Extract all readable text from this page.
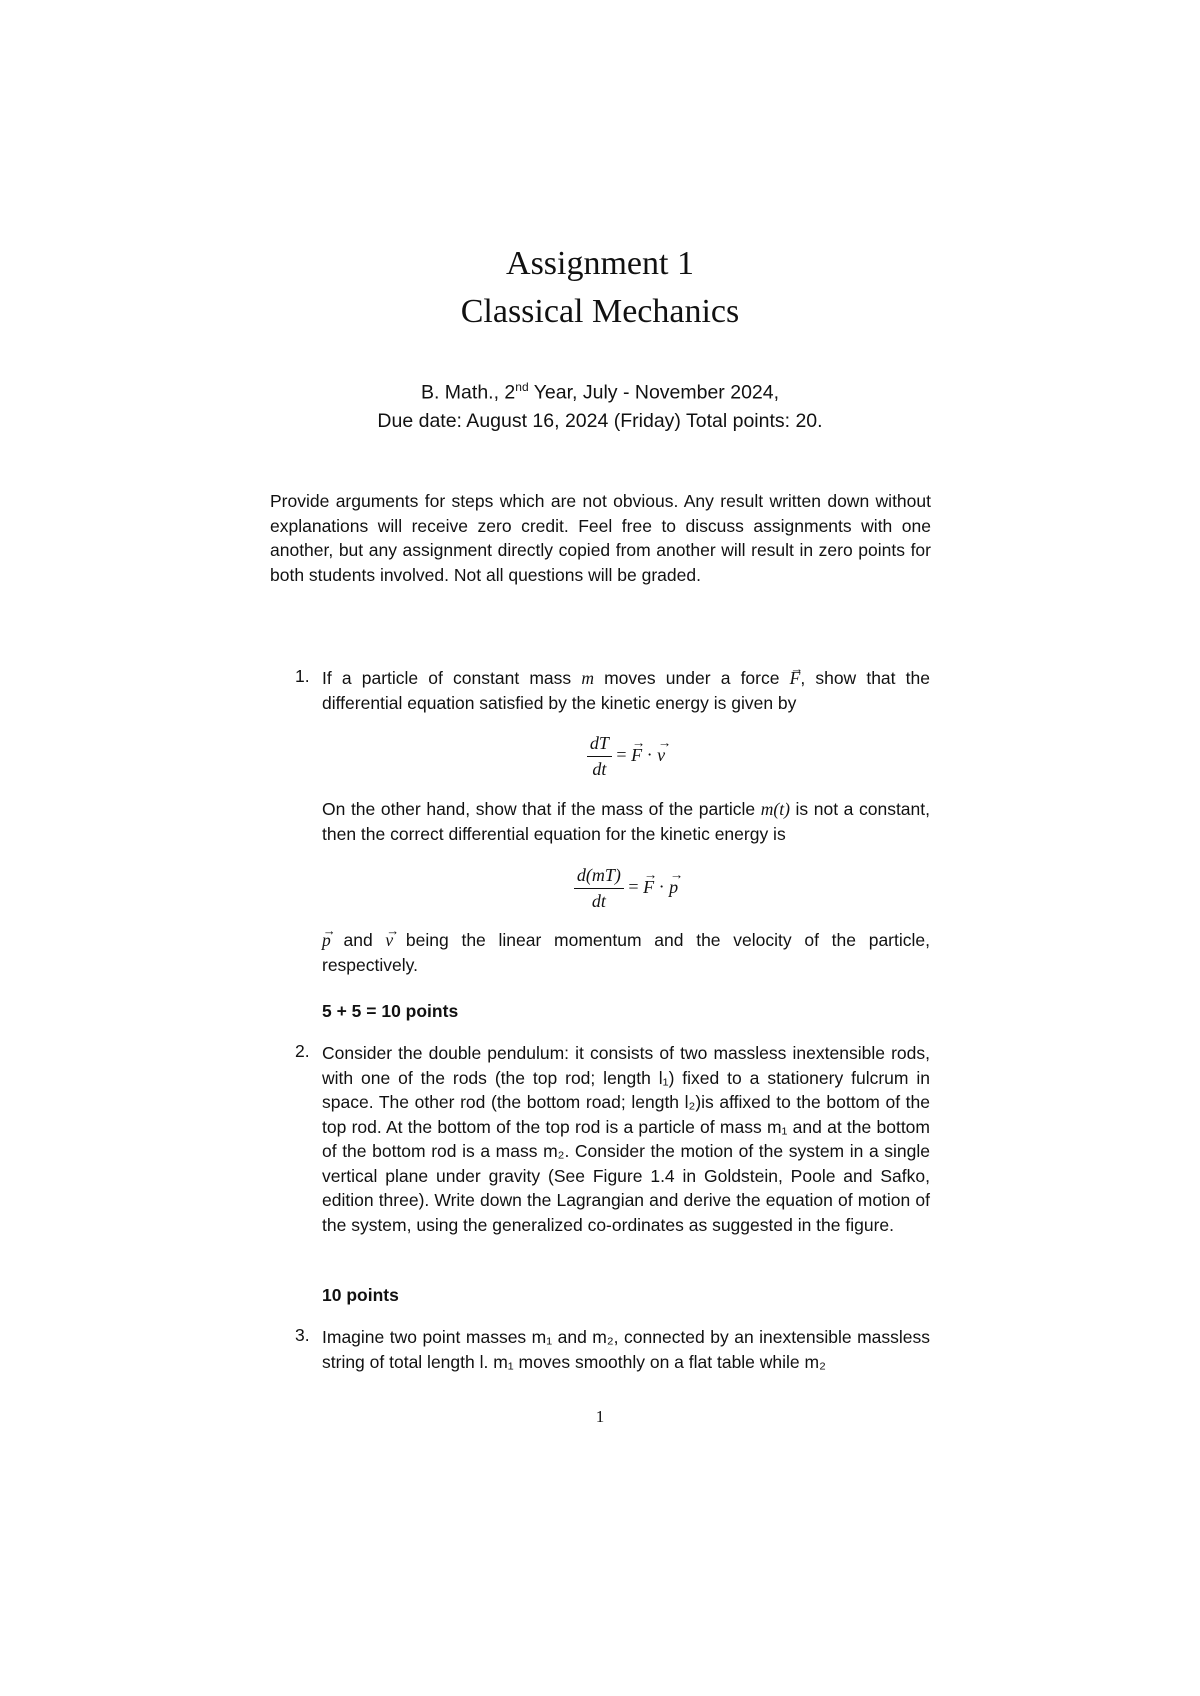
Assignment 1
Classical Mechanics
B. Math., 2nd Year, July - November 2024,
Due date: August 16, 2024 (Friday) Total points: 20.
Provide arguments for steps which are not obvious. Any result written down without explanations will receive zero credit. Feel free to discuss assignments with one another, but any assignment directly copied from another will result in zero points for both students involved. Not all questions will be graded.
1. If a particle of constant mass m moves under a force → F, show that the differential equation satisfied by the kinetic energy is given by
$\frac{dT}{dt}$ = → F · → v
On the other hand, show that if the mass of the particle m(t) is not a constant, then the correct differential equation for the kinetic energy is
$\frac{d(mT)}{dt}$ = → F · → p
→ p and → v being the linear momentum and the velocity of the particle, respectively.
5 + 5 = 10 points
2. Consider the double pendulum: it consists of two massless inextensible rods, with one of the rods (the top rod; length l₁) fixed to a stationery fulcrum in space. The other rod (the bottom road; length l₂)is affixed to the bottom of the top rod. At the bottom of the top rod is a particle of mass m₁ and at the bottom of the bottom rod is a mass m₂. Consider the motion of the system in a single vertical plane under gravity (See Figure 1.4 in Goldstein, Poole and Safko, edition three). Write down the Lagrangian and derive the equation of motion of the system, using the generalized co-ordinates as suggested in the figure.
10 points
3. Imagine two point masses m₁ and m₂, connected by an inextensible massless string of total length l. m₁ moves smoothly on a flat table while m₂
1
